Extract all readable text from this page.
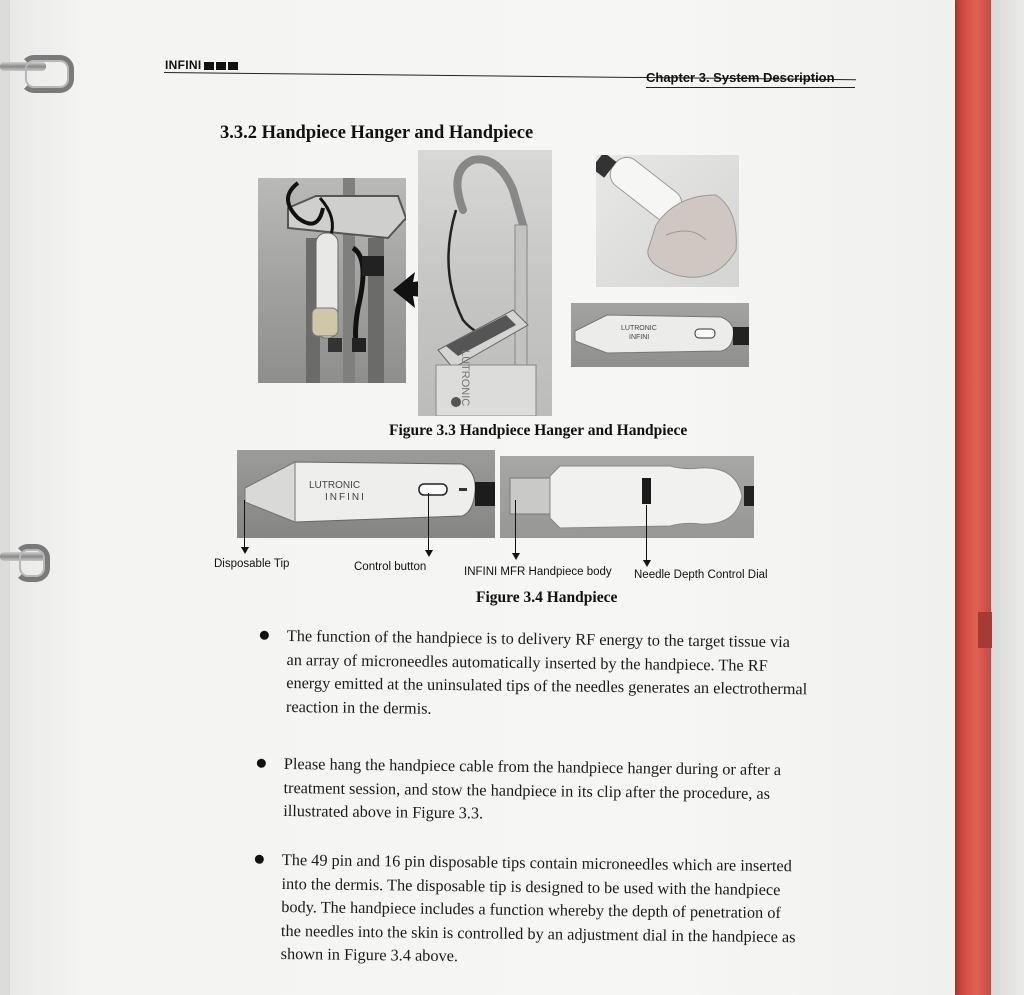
INFINI
Chapter 3. System Description
3.3.2 Handpiece Hanger and Handpiece
LUTRONIC
LUTRONIC
INFINI
Figure 3.3 Handpiece Hanger and Handpiece
LUTRONIC
INFINI
Disposable Tip	Control button	INFINI MFR Handpiece body Needle Depth Control Dial
Figure 3.4 Handpiece

The function of the handpiece is to delivery RF energy to the target tissue via

an array of microneedles automatically inserted by the handpiece. The RF

energy emitted at the uninsulated tips of the needles generates an electrothermal

reaction in the dermis.

Please hang the handpiece cable from the handpiece hanger during or after a

treatment session, and stow the handpiece in its clip after the procedure, as

illustrated above in Figure 3.3.

The 49 pin and 16 pin disposable tips contain microneedles which are inserted

into the dermis. The disposable tip is designed to be used with the handpiece

body. The handpiece includes a function whereby the depth of penetration of

the needles into the skin is controlled by an adjustment dial in the handpiece as

shown in Figure 3.4 above.
